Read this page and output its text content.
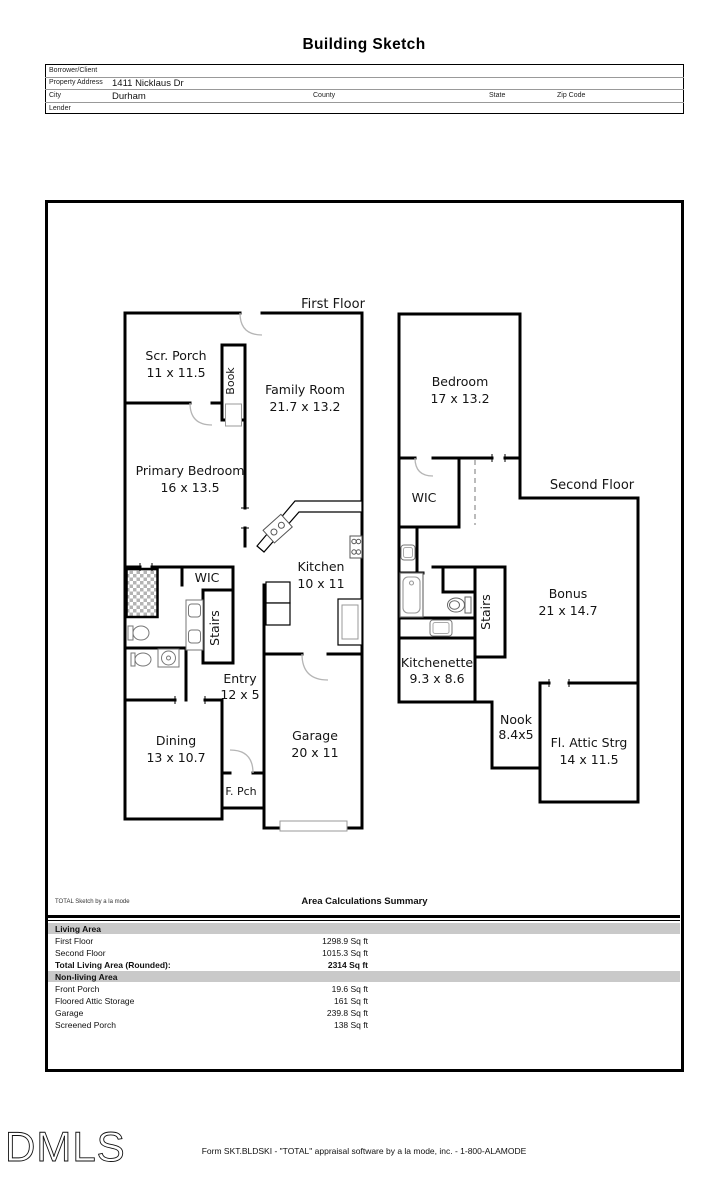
Building Sketch
Borrower/Client
Property Address 1411 Nicklaus Dr
City	Durham	County	State	Zip Code
Lender
First Floor
Scr. Porch
11 x 11.5 Book Family Room
21.7 x 13.2
Primary Bedroom
16 x 13.5
WIC
Kitchen
10 x 11
Stairs
Entry
12 x 5
Dining
13 x 10.7
Garage
20 x 11
F. Pch
Second Floor
Bedroom
17 x 13.2
WIC
Bonus
21 x 14.7
Stairs
Kitchenette
9.3 x 8.6
Nook
8.4x5
Fl. Attic Strg
14 x 11.5
TOTAL Sketch by a la mode	Area Calculations Summary
Living Area
First Floor	1298.9 Sq ft
Second Floor	1015.3 Sq ft
Total Living Area (Rounded):	2314 Sq ft
Non-living Area
Front Porch	19.6 Sq ft
Floored Attic Storage	161 Sq ft
Garage	239.8 Sq ft
Screened Porch	138 Sq ft
DMLS	Form SKT.BLDSKI - "TOTAL" appraisal software by a la mode, inc. - 1-800-ALAMODE
